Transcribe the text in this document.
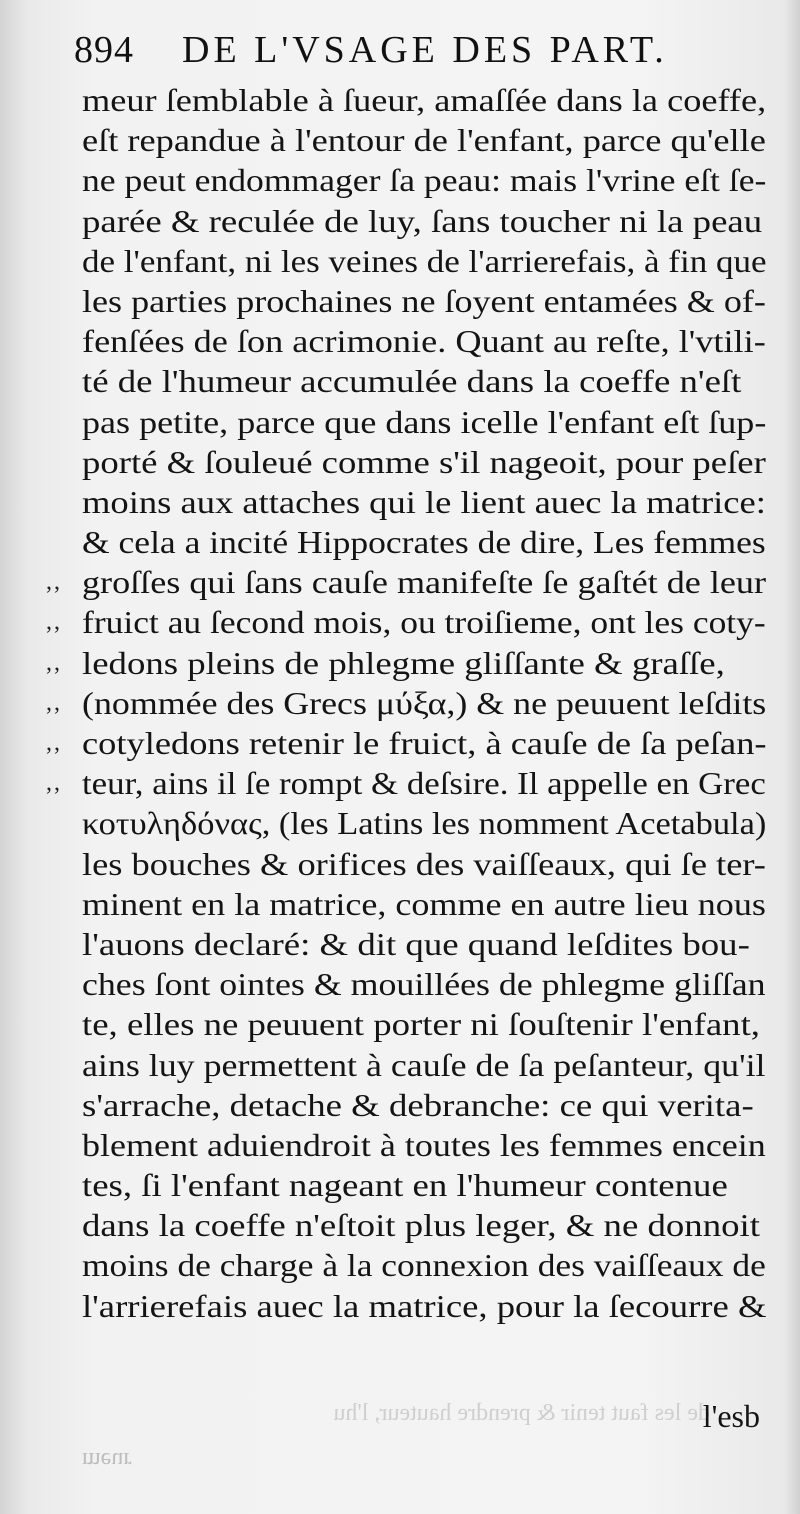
894 DE L'VSAGE DES PART.
meur ſemblable à ſueur, amaſſée dans la coeffe,
eſt repandue à l'entour de l'enfant, parce qu'elle
ne peut endommager ſa peau: mais l'vrine eſt ſe-
parée & reculée de luy, ſans toucher ni la peau
de l'enfant, ni les veines de l'arrierefais, à fin que
les parties prochaines ne ſoyent entamées & of-
fenſées de ſon acrimonie. Quant au reſte, l'vtili-
té de l'humeur accumulée dans la coeffe n'eſt
pas petite, parce que dans icelle l'enfant eſt ſup-
porté & ſouleué comme s'il nageoit, pour peſer
moins aux attaches qui le lient auec la matrice:
& cela a incité Hippocrates de dire, Les femmes
,, groſſes qui ſans cauſe manifeſte ſe gaſtét de leur
,, fruict au ſecond mois, ou troiſieme, ont les coty-
,, ledons pleins de phlegme gliſſante & graſſe,
,, (nommée des Grecs μύξα,) & ne peuuent leſdits
,, cotyledons retenir le fruict, à cauſe de ſa peſan-
,, teur, ains il ſe rompt & deſsire. Il appelle en Grec
κοτυληδόνας, (les Latins les nomment Acetabula)
les bouches & orifices des vaiſſeaux, qui ſe ter-
minent en la matrice, comme en autre lieu nous
l'auons declaré: & dit que quand leſdites bou-
ches ſont ointes & mouillées de phlegme gliſſan
te, elles ne peuuent porter ni ſouſtenir l'enfant,
ains luy permettent à cauſe de ſa peſanteur, qu'il
s'arrache, detache & debranche: ce qui verita-
blement aduiendroit à toutes les femmes encein
tes, ſi l'enfant nageant en l'humeur contenue
dans la coeffe n'eſtoit plus leger, & ne donnoit
moins de charge à la connexion des vaiſſeaux de
l'arrierefais auec la matrice, pour la ſecourre &
de les faut tenir & prendre hauteur, l'hu
l'esb
meur
